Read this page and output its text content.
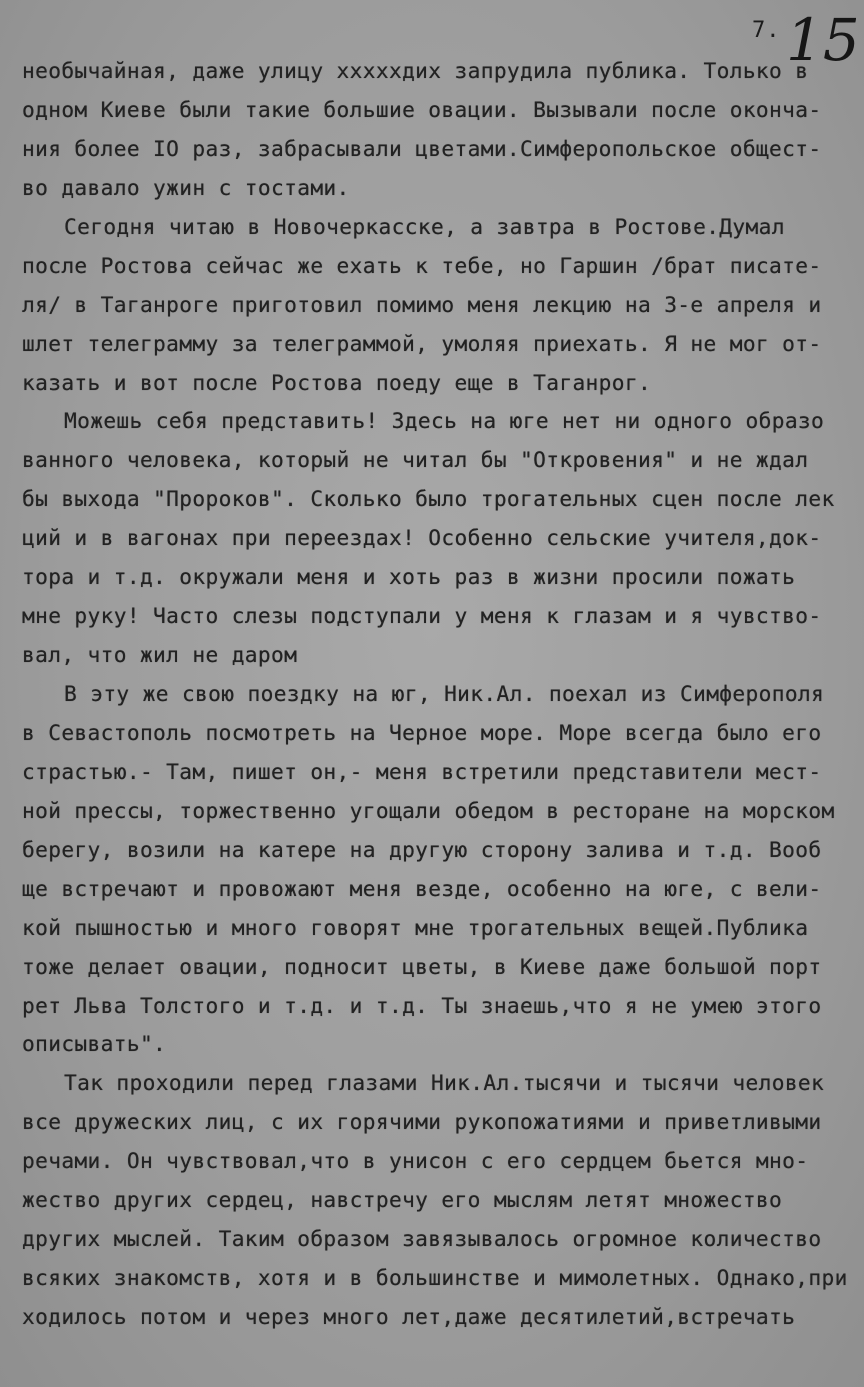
7. 15
необычайная, даже улицу хххххдих запрудила публика. Только в
одном Киеве были такие большие овации. Вызывали после оконча-
ния более IO раз, забрасывали цветами.Симферопольское общест-
во давало ужин с тостами.
Сегодня читаю в Новочеркасске, а завтра в Ростове.Думал
после Ростова сейчас же ехать к тебе, но Гаршин /брат писате-
ля/ в Таганроге приготовил помимо меня лекцию на 3-е апреля и
шлет телеграмму за телеграммой, умоляя приехать. Я не мог от-
казать и вот после Ростова поеду еще в Таганрог.
Можешь себя представить! Здесь на юге нет ни одного образо
ванного человека, который не читал бы "Откровения" и не ждал
бы выхода "Пророков". Сколько было трогательных сцен после лек
ций и в вагонах при переездах! Особенно сельские учителя,док-
тора и т.д. окружали меня и хоть раз в жизни просили пожать
мне руку! Часто слезы подступали у меня к глазам и я чувство-
вал, что жил не даром
В эту же свою поездку на юг, Ник.Ал. поехал из Симферополя
в Севастополь посмотреть на Черное море. Море всегда было его
страстью.- Там, пишет он,- меня встретили представители мест-
ной прессы, торжественно угощали обедом в ресторане на морском
берегу, возили на катере на другую сторону залива и т.д. Вооб
ще встречают и провожают меня везде, особенно на юге, с вели-
кой пышностью и много говорят мне трогательных вещей.Публика
тоже делает овации, подносит цветы, в Киеве даже большой порт
рет Льва Толстого и т.д. и т.д. Ты знаешь,что я не умею этого
описывать".
Так проходили перед глазами Ник.Ал.тысячи и тысячи человек
все дружеских лиц, с их горячими рукопожатиями и приветливыми
речами. Он чувствовал,что в унисон с его сердцем бьется мно-
жество других сердец, навстречу его мыслям летят множество
других мыслей. Таким образом завязывалось огромное количество
всяких знакомств, хотя и в большинстве и мимолетных. Однако,при
ходилось потом и через много лет,даже десятилетий,встречать
